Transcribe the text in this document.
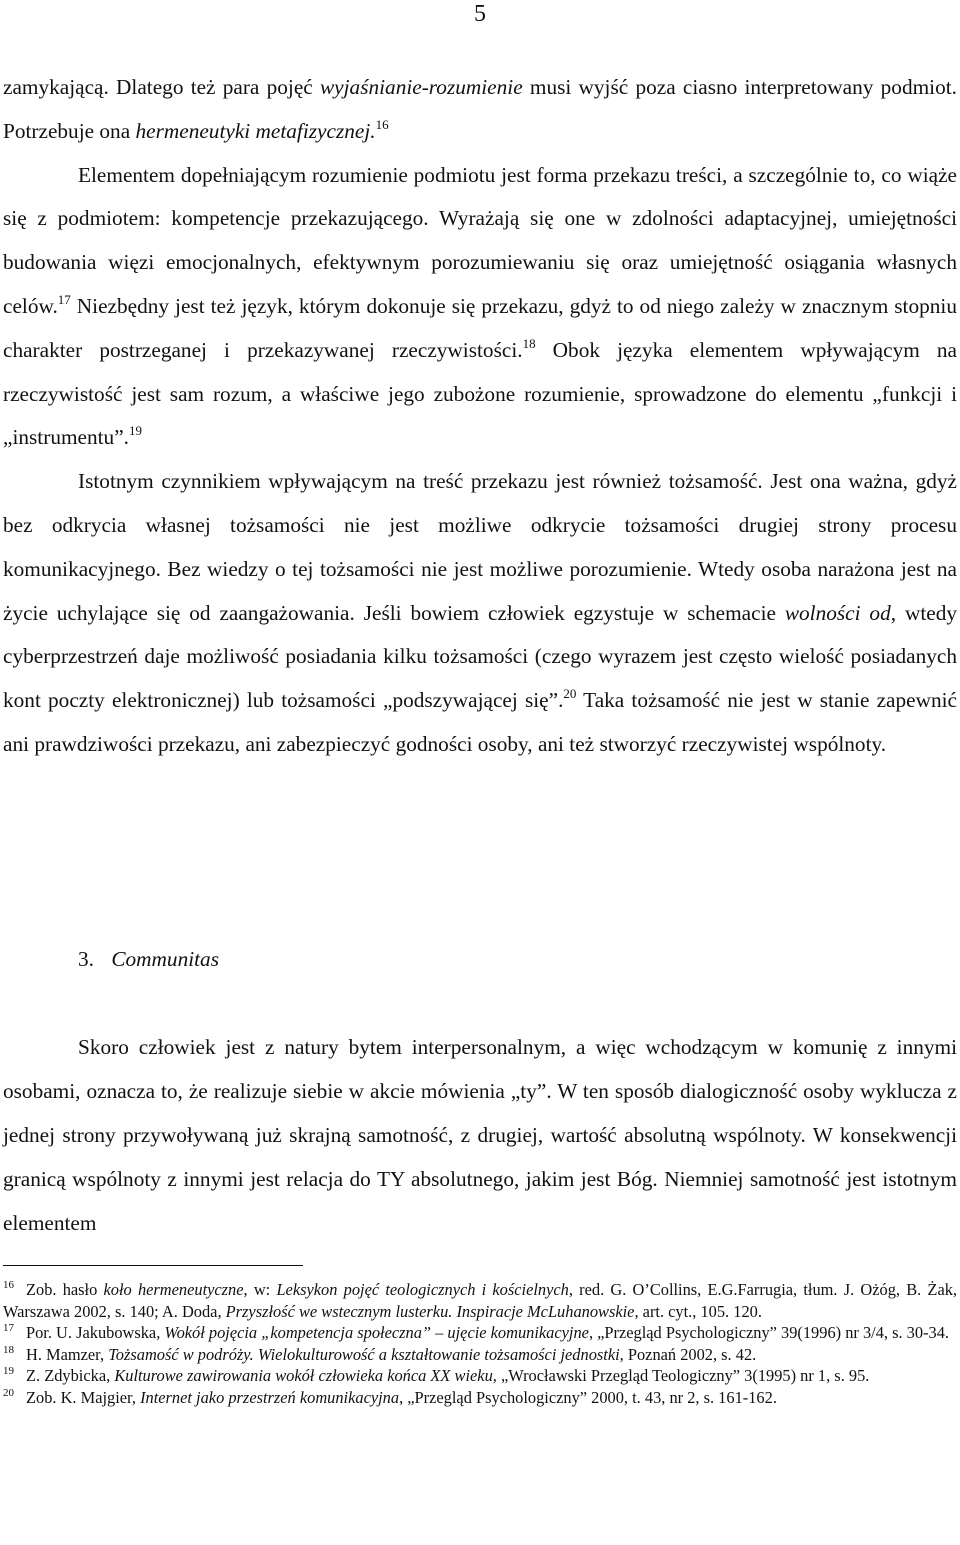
5

zamykającą. Dlatego też para pojęć wyjaśnianie-rozumienie musi wyjść poza ciasno interpretowany podmiot. Potrzebuje ona hermeneutyki metafizycznej.$^{16}$

Elementem dopełniającym rozumienie podmiotu jest forma przekazu treści, a szczególnie to, co wiąże się z podmiotem: kompetencje przekazującego. Wyrażają się one w zdolności adaptacyjnej, umiejętności budowania więzi emocjonalnych, efektywnym porozumiewaniu się oraz umiejętność osiągania własnych celów.$^{17}$ Niezbędny jest też język, którym dokonuje się przekazu, gdyż to od niego zależy w znacznym stopniu charakter postrzeganej i przekazywanej rzeczywistości.$^{18}$ Obok języka elementem wpływającym na rzeczywistość jest sam rozum, a właściwe jego zubożone rozumienie, sprowadzone do elementu „funkcji i „instrumentu”.$^{19}$

Istotnym czynnikiem wpływającym na treść przekazu jest również tożsamość. Jest ona ważna, gdyż bez odkrycia własnej tożsamości nie jest możliwe odkrycie tożsamości drugiej strony procesu komunikacyjnego. Bez wiedzy o tej tożsamości nie jest możliwe porozumienie. Wtedy osoba narażona jest na życie uchylające się od zaangażowania. Jeśli bowiem człowiek egzystuje w schemacie wolności od, wtedy cyberprzestrzeń daje możliwość posiadania kilku tożsamości (czego wyrazem jest często wielość posiadanych kont poczty elektronicznej) lub tożsamości „podszywającej się”.$^{20}$ Taka tożsamość nie jest w stanie zapewnić ani prawdziwości przekazu, ani zabezpieczyć godności osoby, ani też stworzyć rzeczywistej wspólnoty.

3. Communitas

Skoro człowiek jest z natury bytem interpersonalnym, a więc wchodzącym w komunię z innymi osobami, oznacza to, że realizuje siebie w akcie mówienia „ty”. W ten sposób dialogiczność osoby wyklucza z jednej strony przywoływaną już skrajną samotność, z drugiej, wartość absolutną wspólnoty. W konsekwencji granicą wspólnoty z innymi jest relacja do TY absolutnego, jakim jest Bóg. Niemniej samotność jest istotnym elementem

$^{16}$ Zob. hasło koło hermeneutyczne, w: Leksykon pojęć teologicznych i kościelnych, red. G. O’Collins, E.G.Farrugia, tłum. J. Ożóg, B. Żak, Warszawa 2002, s. 140; A. Doda, Przyszłość we wstecznym lusterku. Inspiracje McLuhanowskie, art. cyt., 105. 120.

$^{17}$ Por. U. Jakubowska, Wokół pojęcia „kompetencja społeczna” – ujęcie komunikacyjne, „Przegląd Psychologiczny” 39(1996) nr 3/4, s. 30-34.

$^{18}$ H. Mamzer, Tożsamość w podróży. Wielokulturowość a kształtowanie tożsamości jednostki, Poznań 2002, s. 42.

$^{19}$ Z. Zdybicka, Kulturowe zawirowania wokół człowieka końca XX wieku, „Wrocławski Przegląd Teologiczny” 3(1995) nr 1, s. 95.

$^{20}$ Zob. K. Majgier, Internet jako przestrzeń komunikacyjna, „Przegląd Psychologiczny” 2000, t. 43, nr 2, s. 161-162.
